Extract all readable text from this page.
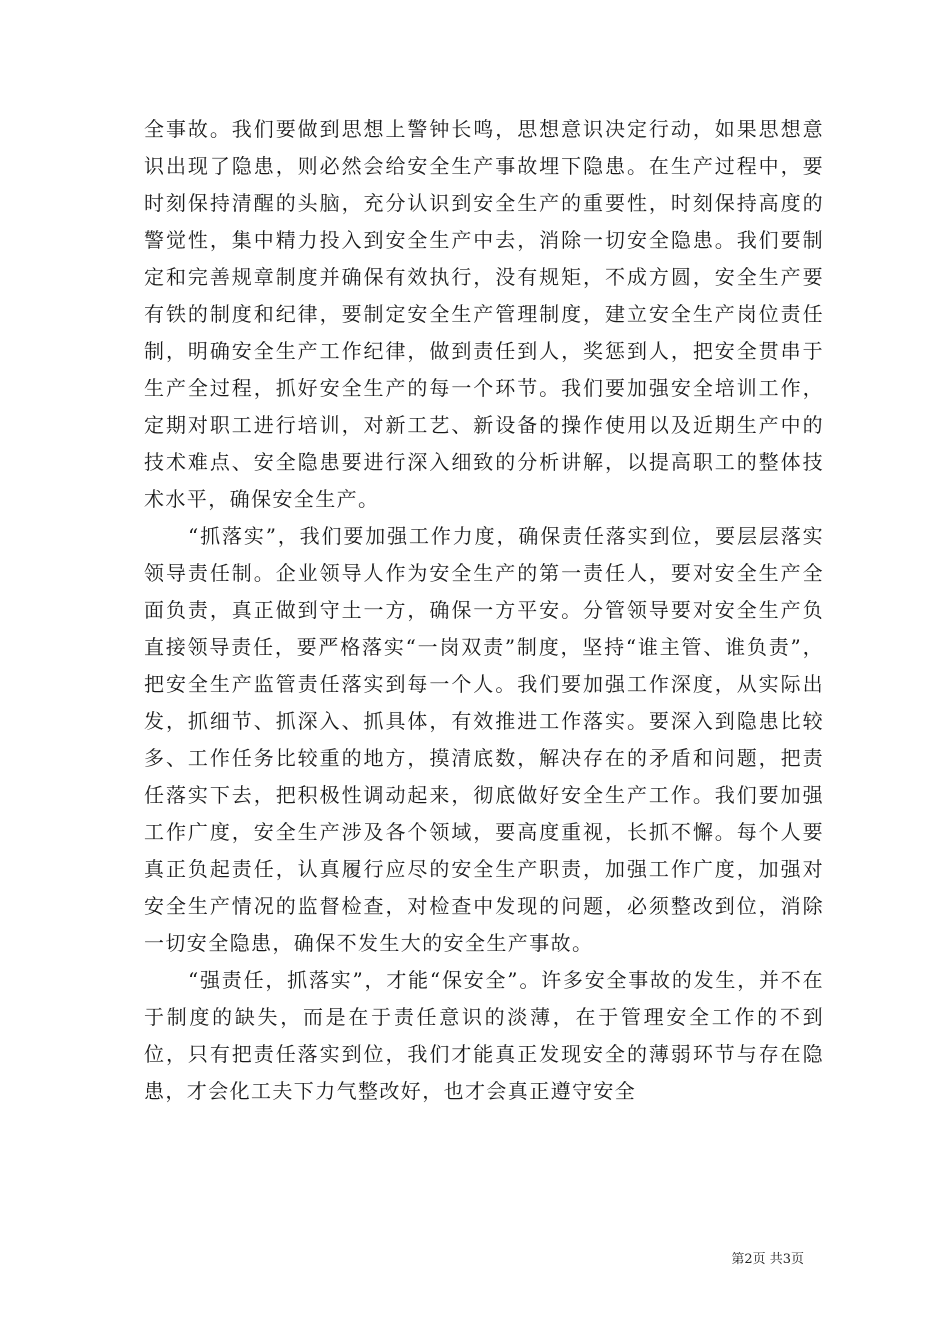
全事故。我们要做到思想上警钟长鸣，思想意识决定行动，如果思想意识出现了隐患，则必然会给安全生产事故埋下隐患。在生产过程中，要时刻保持清醒的头脑，充分认识到安全生产的重要性，时刻保持高度的警觉性，集中精力投入到安全生产中去，消除一切安全隐患。我们要制定和完善规章制度并确保有效执行，没有规矩，不成方圆，安全生产要有铁的制度和纪律，要制定安全生产管理制度，建立安全生产岗位责任制，明确安全生产工作纪律，做到责任到人，奖惩到人，把安全贯串于生产全过程，抓好安全生产的每一个环节。我们要加强安全培训工作，定期对职工进行培训，对新工艺、新设备的操作使用以及近期生产中的技术难点、安全隐患要进行深入细致的分析讲解，以提高职工的整体技术水平，确保安全生产。

“抓落实”，我们要加强工作力度，确保责任落实到位，要层层落实领导责任制。企业领导人作为安全生产的第一责任人，要对安全生产全面负责，真正做到守土一方，确保一方平安。分管领导要对安全生产负直接领导责任，要严格落实“一岗双责”制度，坚持“谁主管、谁负责”，把安全生产监管责任落实到每一个人。我们要加强工作深度，从实际出发，抓细节、抓深入、抓具体，有效推进工作落实。要深入到隐患比较多、工作任务比较重的地方，摸清底数，解决存在的矛盾和问题，把责任落实下去，把积极性调动起来，彻底做好安全生产工作。我们要加强工作广度，安全生产涉及各个领域，要高度重视，长抓不懈。每个人要真正负起责任，认真履行应尽的安全生产职责，加强工作广度，加强对安全生产情况的监督检查，对检查中发现的问题，必须整改到位，消除一切安全隐患，确保不发生大的安全生产事故。

“强责任，抓落实”，才能“保安全”。许多安全事故的发生，并不在于制度的缺失，而是在于责任意识的淡薄，在于管理安全工作的不到位，只有把责任落实到位，我们才能真正发现安全的薄弱环节与存在隐患，才会化工夫下力气整改好，也才会真正遵守安全

第2页 共3页
